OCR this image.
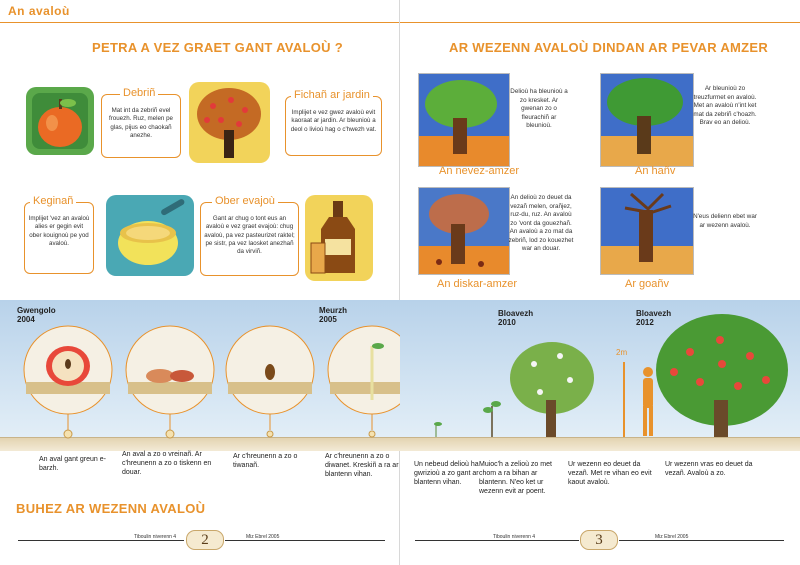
An avaloù
PETRA A VEZ GRAET GANT AVALOÙ ?
Mat int da zebriñ evel frouezh. Ruz, melen pe glas, pijus eo chaokañ anezhe.
Debriñ
Implijet e vez gwez avaloù evit kaoraat ar jardin. Ar bleunioù a deol o livioù hag o c'hwezh vat.
Fichañ ar jardin
Implijet 'vez an avaloù alies er gegin evit ober kouignoù pe yod avaloù.
Keginañ
Gant ar chug o tont eus an avaloù e vez graet evajoù: chug avaloù, pa vez pasteurizet raktel; pe sistr, pa vez laosket anezhañ da virviñ.
Ober evajoù
AR WEZENN AVALOÙ DINDAN AR PEVAR AMZER
Delioù ha bleunioù a zo kresket. Ar gwenan zo o fleurachiñ ar bleunioù.
An nevez-amzer
Ar bleunioù zo treuzfurmet en avaloù. Met an avaloù n'int ket mat da zebriñ c'hoazh. Brav eo an delioù.
An hañv
An delioù zo deuet da vezañ melen, orañjez, ruz-du, ruz. An avaloù zo 'vont da gouezhañ. An avaloù a zo mat da zebriñ, lod zo kouezhet war an douar.
An diskar-amzer
N'eus delienn ebet war ar wezenn avaloù.
Ar goañv
Gwengolo
2004
Meurzh
2005
Bloavezh
2010
Bloavezh
2012
2m
An aval gant greun e-barzh.
An aval a zo o vreinañ. Ar c'hreunenn a zo o tiskenn en douar.
Ar c'hreunenn a zo o tiwanañ.
Ar c'hreunenn a zo o diwanet. Kreskiñ a ra ar blantenn vihan.
Un nebeud delioù ha gwrizioù a zo gant ar blantenn vihan.
Muioc'h a zelioù zo met chom a ra bihan ar blantenn. N'eo ket ur wezenn evit ar poent.
Ur wezenn eo deuet da vezañ. Met re vihan eo evit kaout avaloù.
Ur wezenn vras eo deuet da vezañ. Avaloù a zo.
BUHEZ AR WEZENN AVALOÙ
Tiboulin niverenn 4	2	Miz Ebrel 2005	Tiboulin niverenn 4	3	Miz Ebrel 2005
